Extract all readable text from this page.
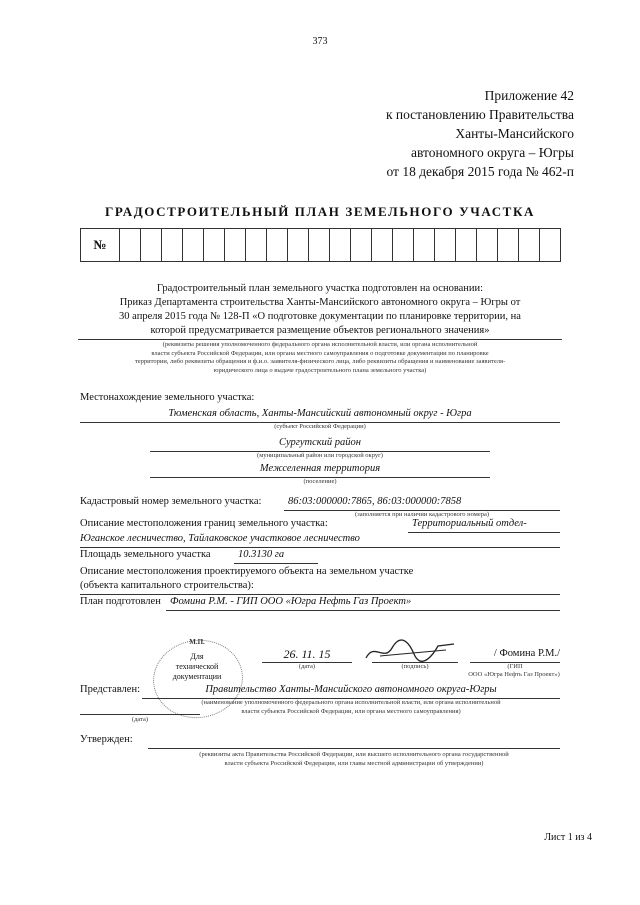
373
Приложение 42
к постановлению Правительства
Ханты-Мансийского
автономного округа – Югры
от 18 декабря 2015 года № 462-п
ГРАДОСТРОИТЕЛЬНЫЙ ПЛАН ЗЕМЕЛЬНОГО УЧАСТКА
№																					
Градостроительный план земельного участка подготовлен на основании:
Приказ Департамента строительства Ханты-Мансийского автономного округа – Югры от
30 апреля 2015 года № 128-П «О подготовке документации по планировке территории, на
которой предусматривается размещение объектов регионального значения»
(реквизиты решения уполномоченного федерального органа исполнительной власти, или органа исполнительной
власти субъекта Российской Федерации, или органа местного самоуправления о подготовке документации по планировке
территории, либо реквизиты обращения и ф.и.о. заявителя-физического лица, либо реквизиты обращения и наименование заявителя-
юридического лица о выдаче градостроительного плана земельного участка)
Местонахождение земельного участка:
Тюменская область, Ханты-Мансийский автономный округ - Югра
(субъект Российской Федерации)
Сургутский район
(муниципальный район или городской округ)
Межселенная территория
(поселение)
Кадастровый номер земельного участка:	86:03:000000:7865, 86:03:000000:7858
(заполняется при наличии кадастрового номера)
Описание местоположения границ земельного участка:	Территориальный отдел-
Юганское лесничество, Тайлаковское участковое лесничество
Площадь земельного участка	10.3130 га
Описание местоположения проектируемого объекта на земельном участке
(объекта капитального строительства):
План подготовлен Фомина Р.М. - ГИП ООО «Югра Нефть Газ Проект»
М.П.
Для
технической
документации
26. 11. 15
(дата)	(подпись)
/ Фомина Р.М./
(ГИП
ООО «Югра Нефть Газ Проект»)
Представлен:	Правительство Ханты-Мансийского автономного округа-Югры
(наименование уполномоченного федерального органа исполнительной власти, или органа исполнительной
власти субъекта Российской Федерации, или органа местного самоуправления)
(дата)
Утвержден:
(реквизиты акта Правительства Российской Федерации, или высшего исполнительного органа государственной
власти субъекта Российской Федерации, или главы местной администрации об утверждении)
Лист 1 из 4
